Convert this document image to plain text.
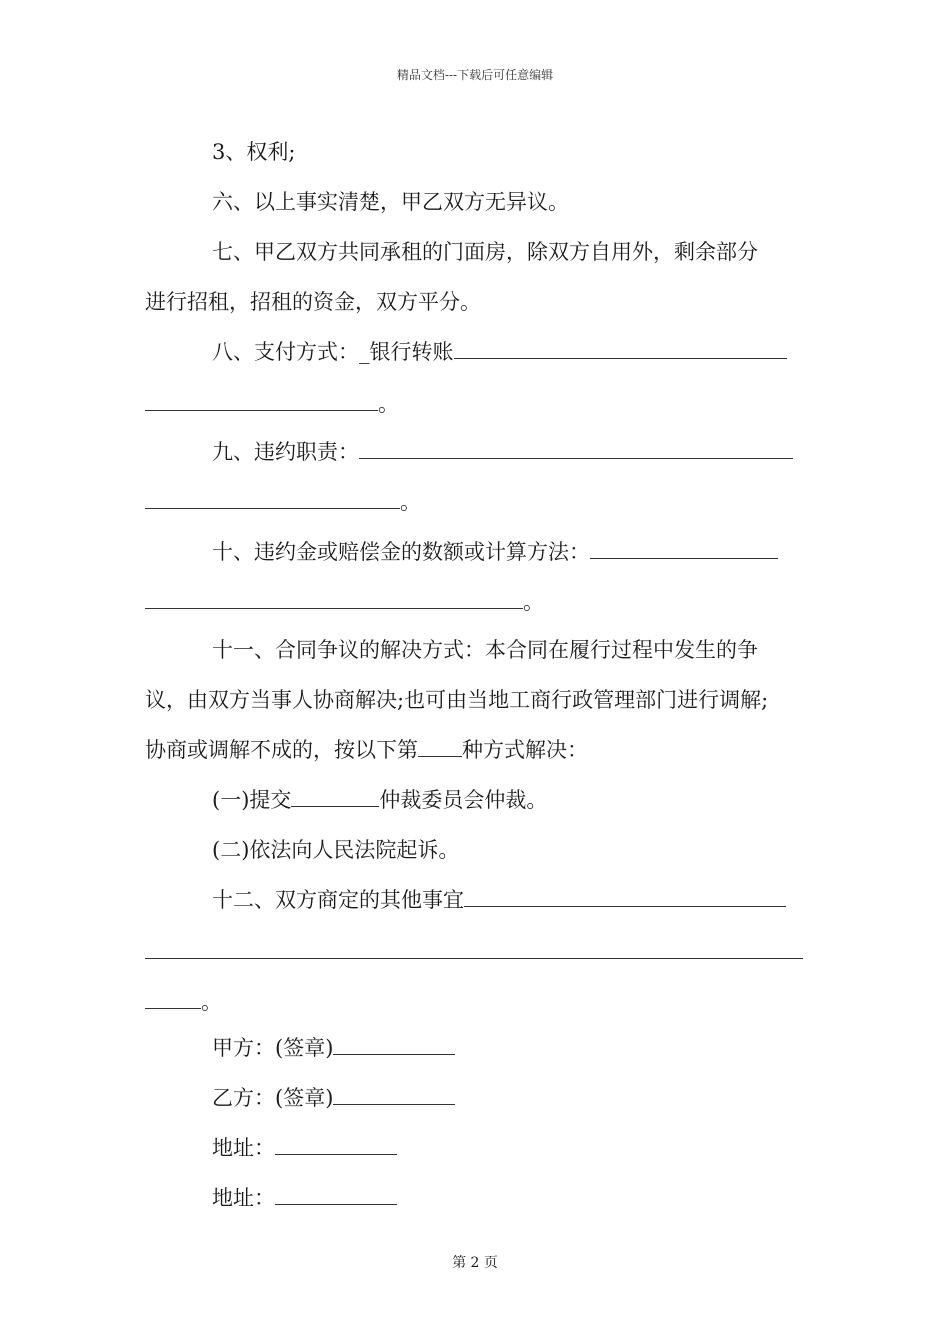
精品文档---下载后可任意编辑
3、权利;
六、以上事实清楚，甲乙双方无异议。
七、甲乙双方共同承租的门面房，除双方自用外，剩余部分
进行招租，招租的资金，双方平分。
八、支付方式：_银行转账
。
九、违约职责：
。
十、违约金或赔偿金的数额或计算方法：
。
十一、合同争议的解决方式：本合同在履行过程中发生的争
议，由双方当事人协商解决;也可由当地工商行政管理部门进行调解;
协商或调解不成的，按以下第 种方式解决：
(一)提交	仲裁委员会仲裁。
(二)依法向人民法院起诉。
十二、双方商定的其他事宜
。
甲方：(签章)
乙方：(签章)
地址：
地址：
第 2 页
